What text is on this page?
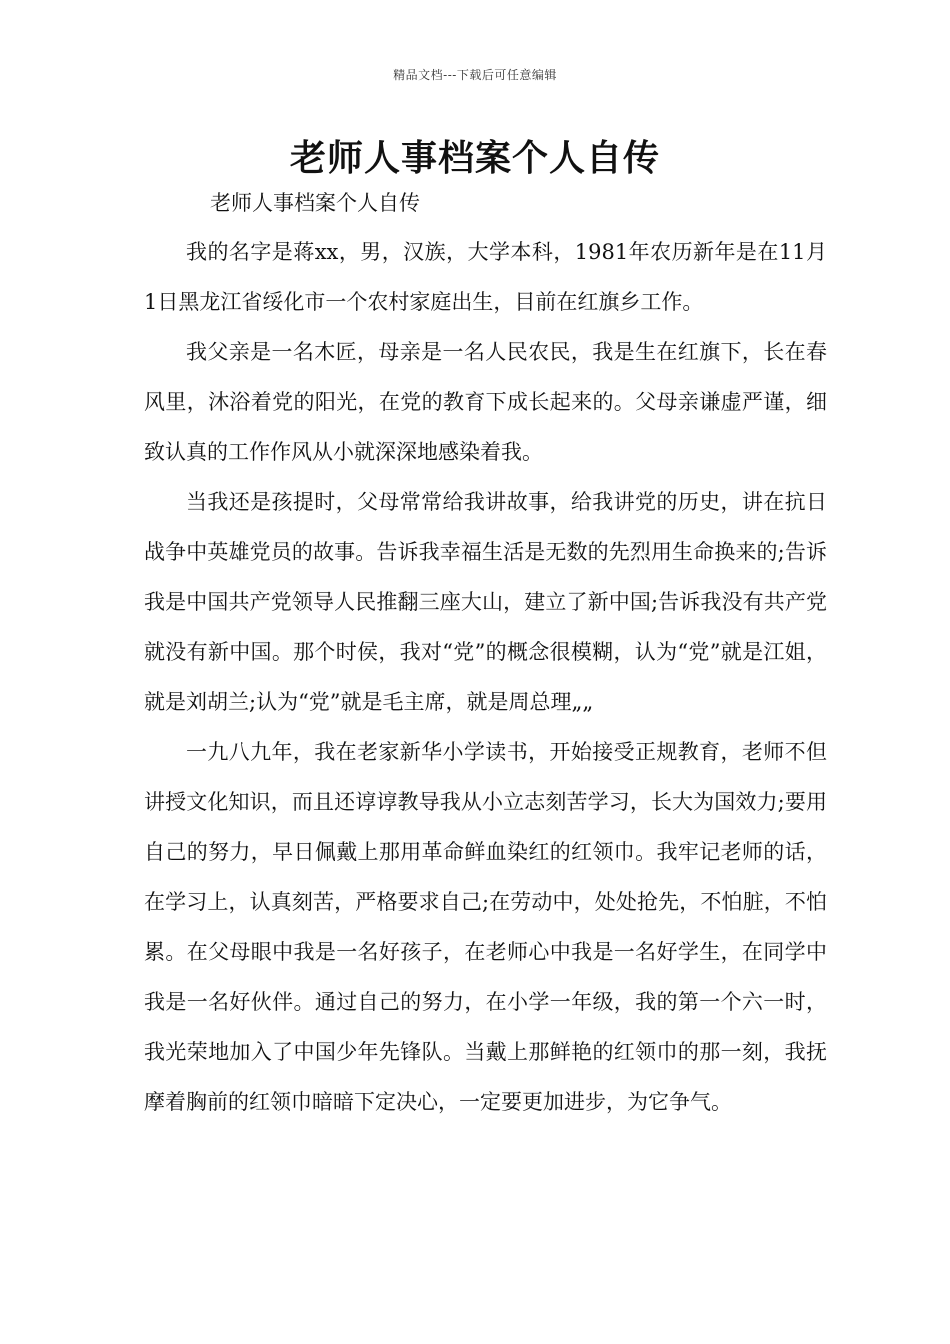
精品文档---下载后可任意编辑
老师人事档案个人自传
老师人事档案个人自传

我的名字是蒋xx，男，汉族，大学本科，1981年农历新年是在11月1日黑龙江省绥化市一个农村家庭出生，目前在红旗乡工作。

我父亲是一名木匠，母亲是一名人民农民，我是生在红旗下，长在春风里，沐浴着党的阳光，在党的教育下成长起来的。父母亲谦虚严谨，细致认真的工作作风从小就深深地感染着我。

当我还是孩提时，父母常常给我讲故事，给我讲党的历史，讲在抗日战争中英雄党员的故事。告诉我幸福生活是无数的先烈用生命换来的;告诉我是中国共产党领导人民推翻三座大山，建立了新中国;告诉我没有共产党就没有新中国。那个时侯，我对“党”的概念很模糊，认为“党”就是江姐，就是刘胡兰;认为“党”就是毛主席，就是周总理„„

一九八九年，我在老家新华小学读书，开始接受正规教育，老师不但讲授文化知识，而且还谆谆教导我从小立志刻苦学习，长大为国效力;要用自己的努力，早日佩戴上那用革命鲜血染红的红领巾。我牢记老师的话，在学习上，认真刻苦，严格要求自己;在劳动中，处处抢先，不怕脏，不怕累。在父母眼中我是一名好孩子，在老师心中我是一名好学生，在同学中我是一名好伙伴。通过自己的努力，在小学一年级，我的第一个六一时，我光荣地加入了中国少年先锋队。当戴上那鲜艳的红领巾的那一刻，我抚摩着胸前的红领巾暗暗下定决心，一定要更加进步，为它争气。
